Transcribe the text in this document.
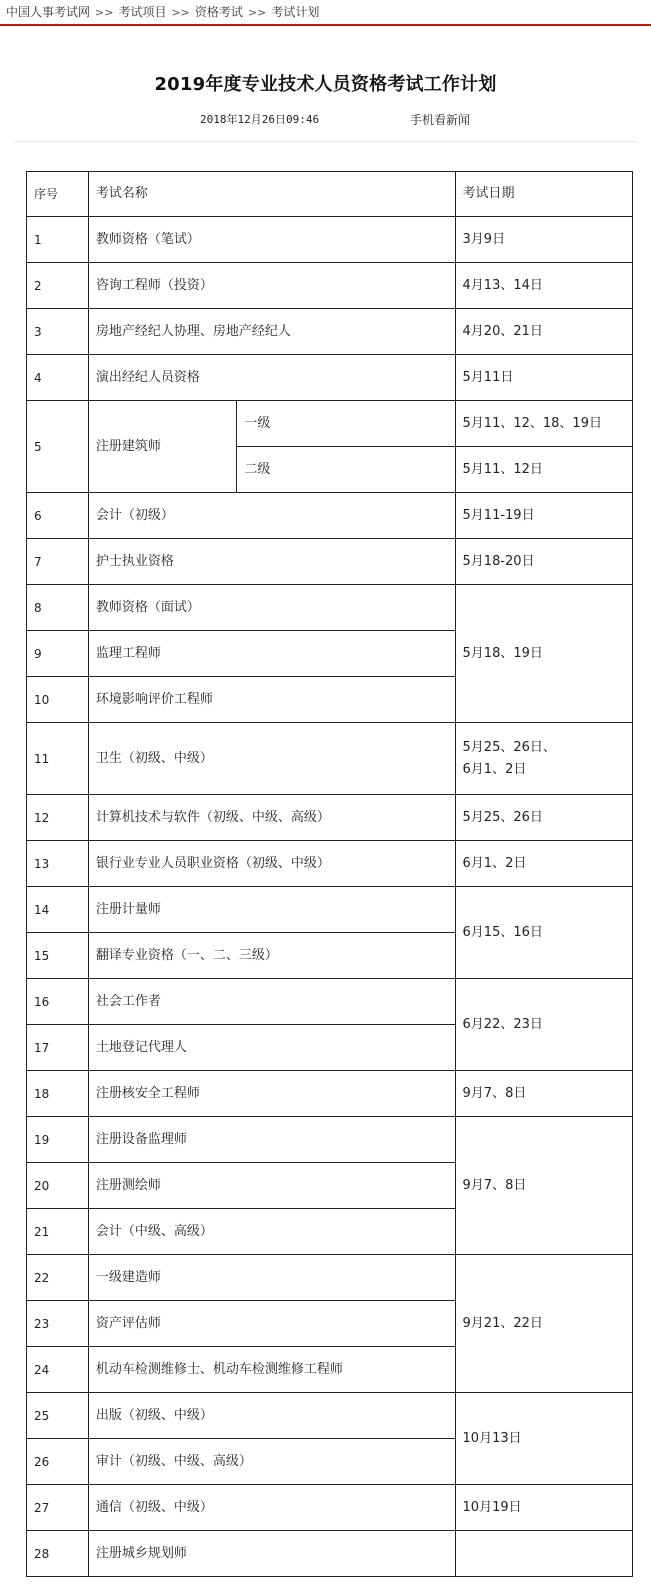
中国人事考试网 >> 考试项目 >> 资格考试 >> 考试计划
2019年度专业技术人员资格考试工作计划
2018年12月26日09:46	手机看新闻
序号	考试名称		考试日期
1	教师资格（笔试）		3月9日
2	咨询工程师（投资）		4月13、14日
3	房地产经纪人协理、房地产经纪人		4月20、21日
4	演出经纪人员资格		5月11日
5	注册建筑师	一级	5月11、12、18、19日
		二级	5月11、12日
6	会计（初级）		5月11-19日
7	护士执业资格		5月18-20日
8	教师资格（面试）		5月18、19日
9	监理工程师		
10	环境影响评价工程师		
11	卫生（初级、中级）		5月25、26日、
6月1、2日
12	计算机技术与软件（初级、中级、高级）		5月25、26日
13	银行业专业人员职业资格（初级、中级）		6月1、2日
14	注册计量师		6月15、16日
15	翻译专业资格（一、二、三级）		
16	社会工作者		6月22、23日
17	土地登记代理人		
18	注册核安全工程师		9月7、8日
19	注册设备监理师		9月7、8日
20	注册测绘师		
21	会计（中级、高级）		
22	一级建造师		9月21、22日
23	资产评估师		
24	机动车检测维修士、机动车检测维修工程师		
25	出版（初级、中级）		10月13日
26	审计（初级、中级、高级）		
27	通信（初级、中级）		10月19日
28	注册城乡规划师		
